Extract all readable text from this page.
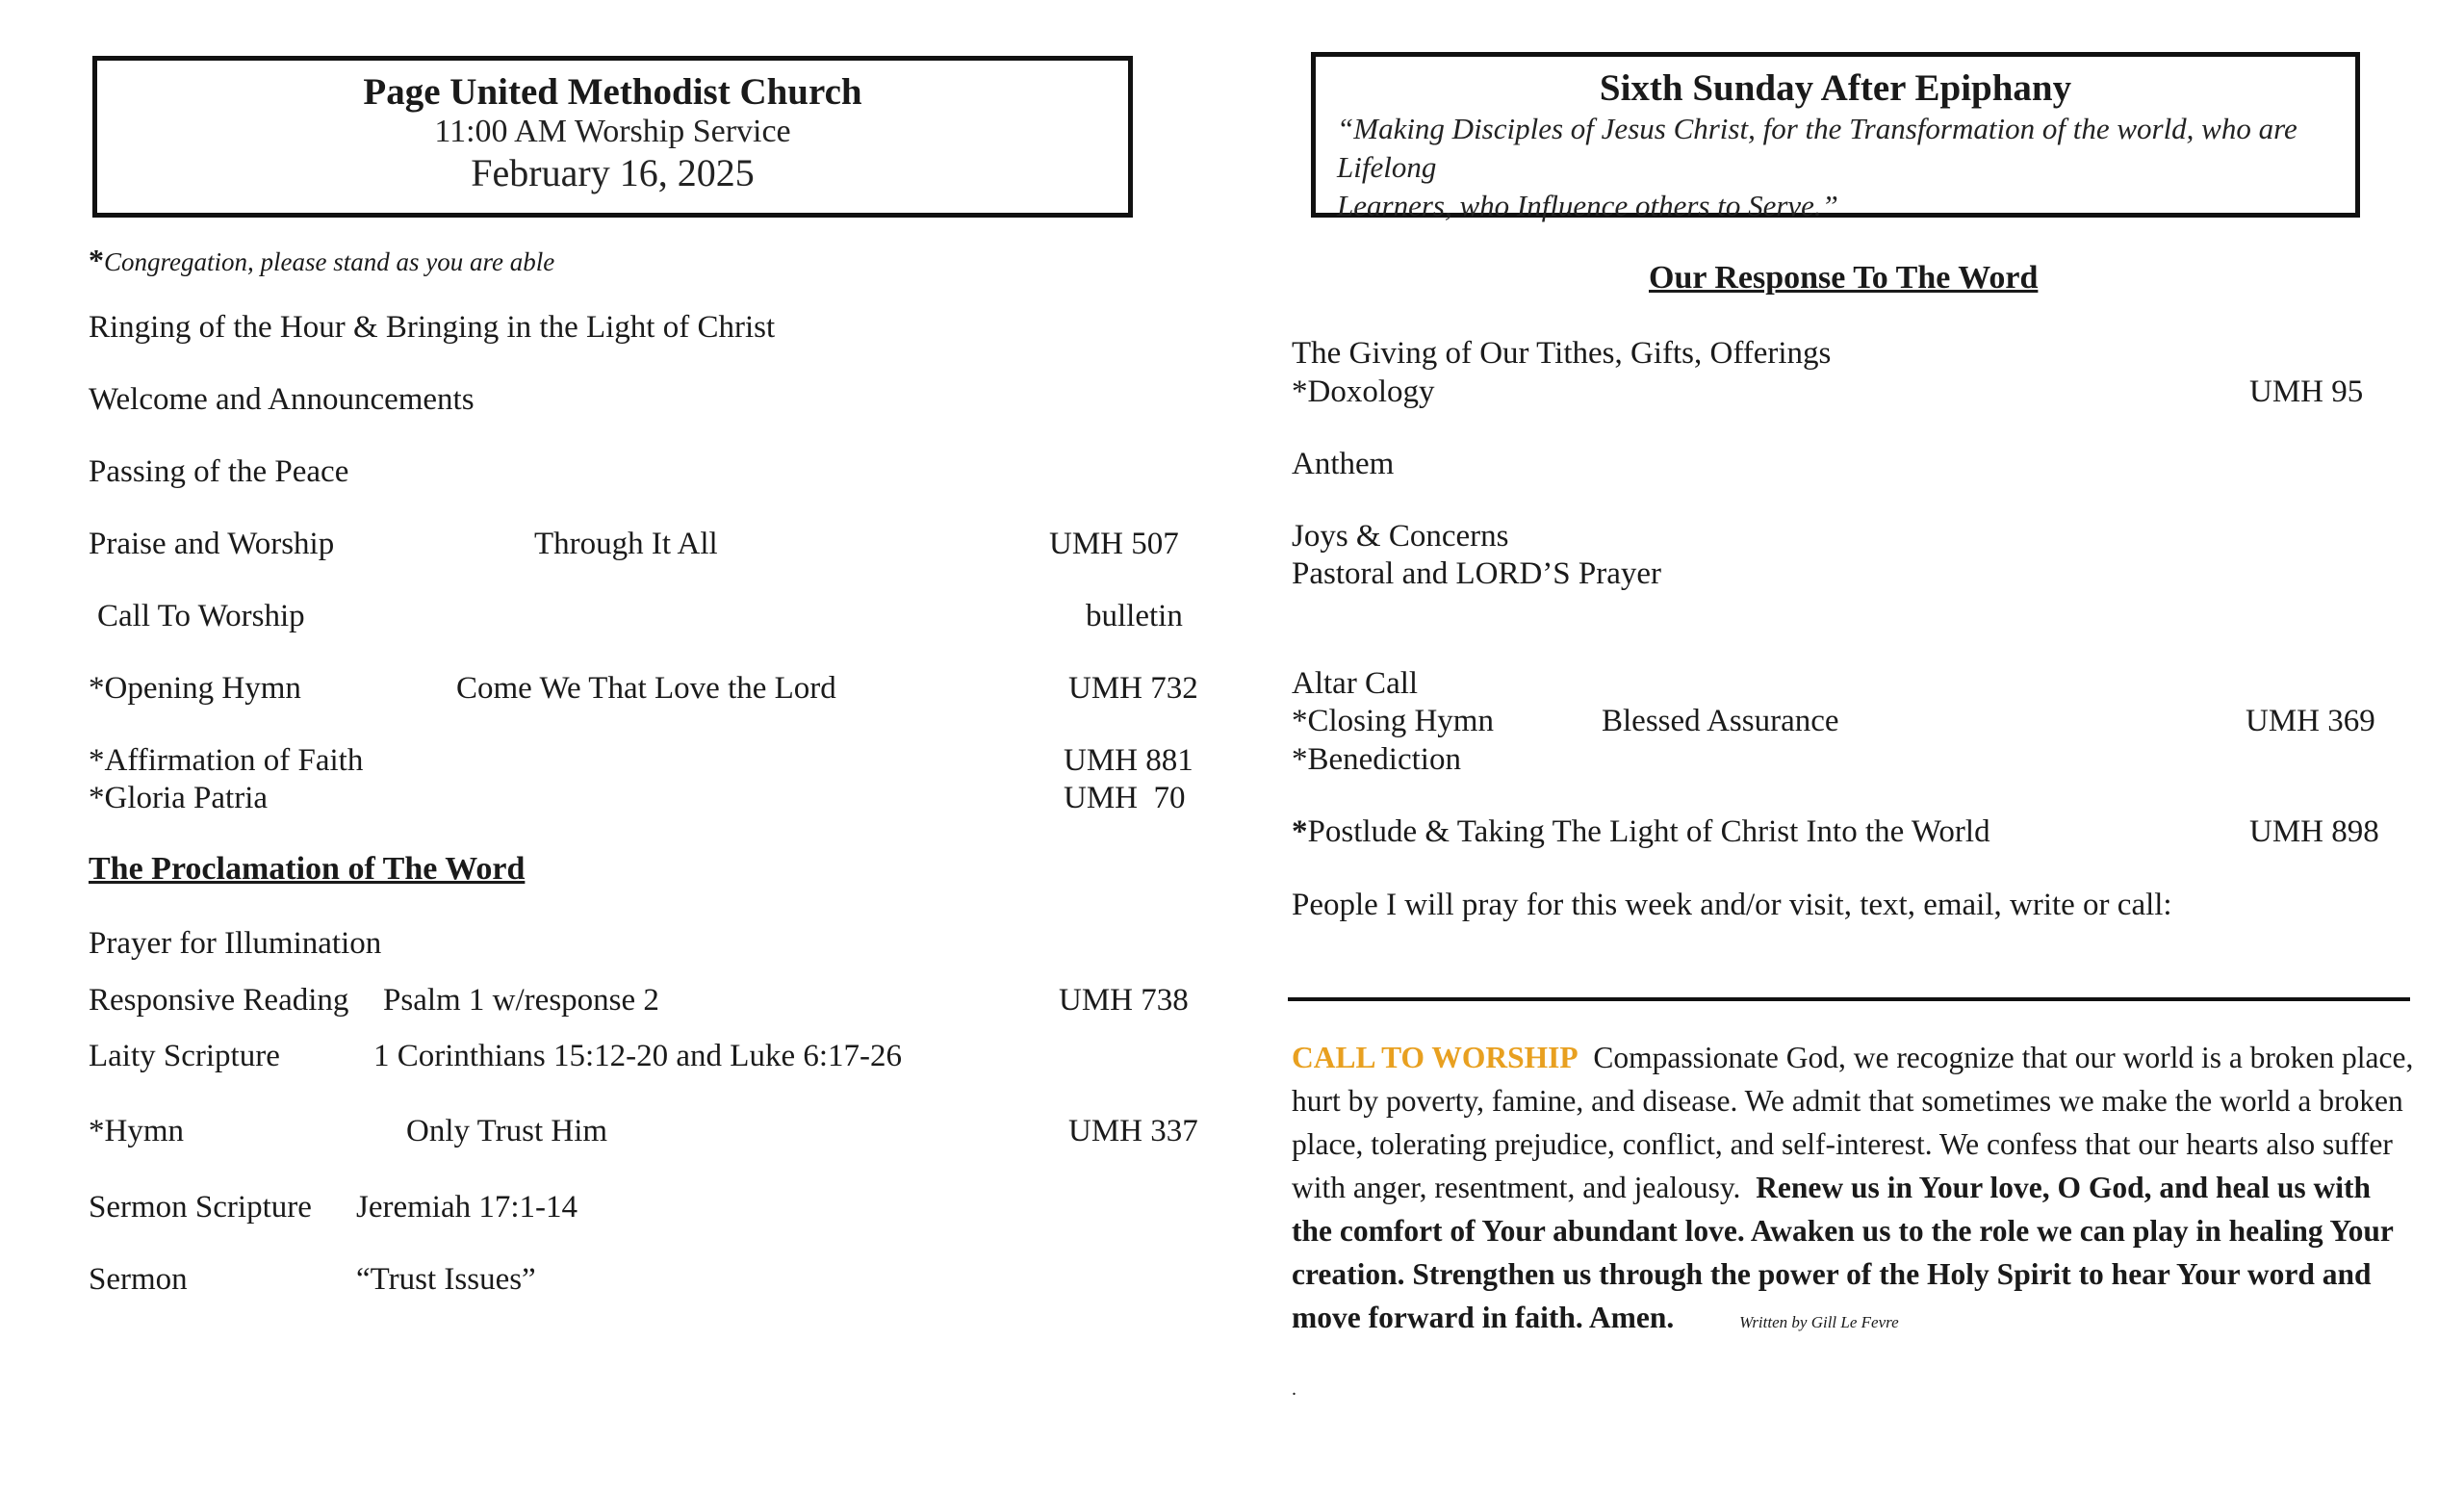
Page United Methodist Church
11:00 AM Worship Service
February 16, 2025
Sixth Sunday After Epiphany
“Making Disciples of Jesus Christ, for the Transformation of the world, who are Lifelong
Learners, who Influence others to Serve.”
*Congregation, please stand as you are able
Ringing of the Hour & Bringing in the Light of Christ
Welcome and Announcements
Passing of the Peace
Praise and Worship	Through It All	UMH 507
Call To Worship	bulletin
*Opening Hymn	Come We That Love the Lord	UMH 732
*Affirmation of Faith	UMH 881
*Gloria Patria	UMH  70
The Proclamation of The Word
Prayer for Illumination
Responsive Reading Psalm 1 w/response 2	UMH 738
Laity Scripture	1 Corinthians 15:12-20 and Luke 6:17-26
*Hymn	Only Trust Him	UMH 337
Sermon Scripture Jeremiah 17:1-14
Sermon	“Trust Issues”
Our Response To The Word
The Giving of Our Tithes, Gifts, Offerings
*Doxology	UMH 95
Anthem
Joys & Concerns
Pastoral and LORD’S Prayer
Altar Call
*Closing Hymn	Blessed Assurance	UMH 369
*Benediction
*Postlude & Taking The Light of Christ Into the World	UMH 898
People I will pray for this week and/or visit, text, email, write or call:
CALL TO WORSHIP Compassionate God, we recognize that our world is a broken place, hurt by poverty, famine, and disease. We admit that sometimes we make the world a broken place, tolerating prejudice, conflict, and self-interest. We confess that our hearts also suffer with anger, resentment, and jealousy. Renew us in Your love, O God, and heal us with the comfort of Your abundant love. Awaken us to the role we can play in healing Your creation. Strengthen us through the power of the Holy Spirit to hear Your word and move forward in faith. Amen.	Written by Gill Le Fevre
.
